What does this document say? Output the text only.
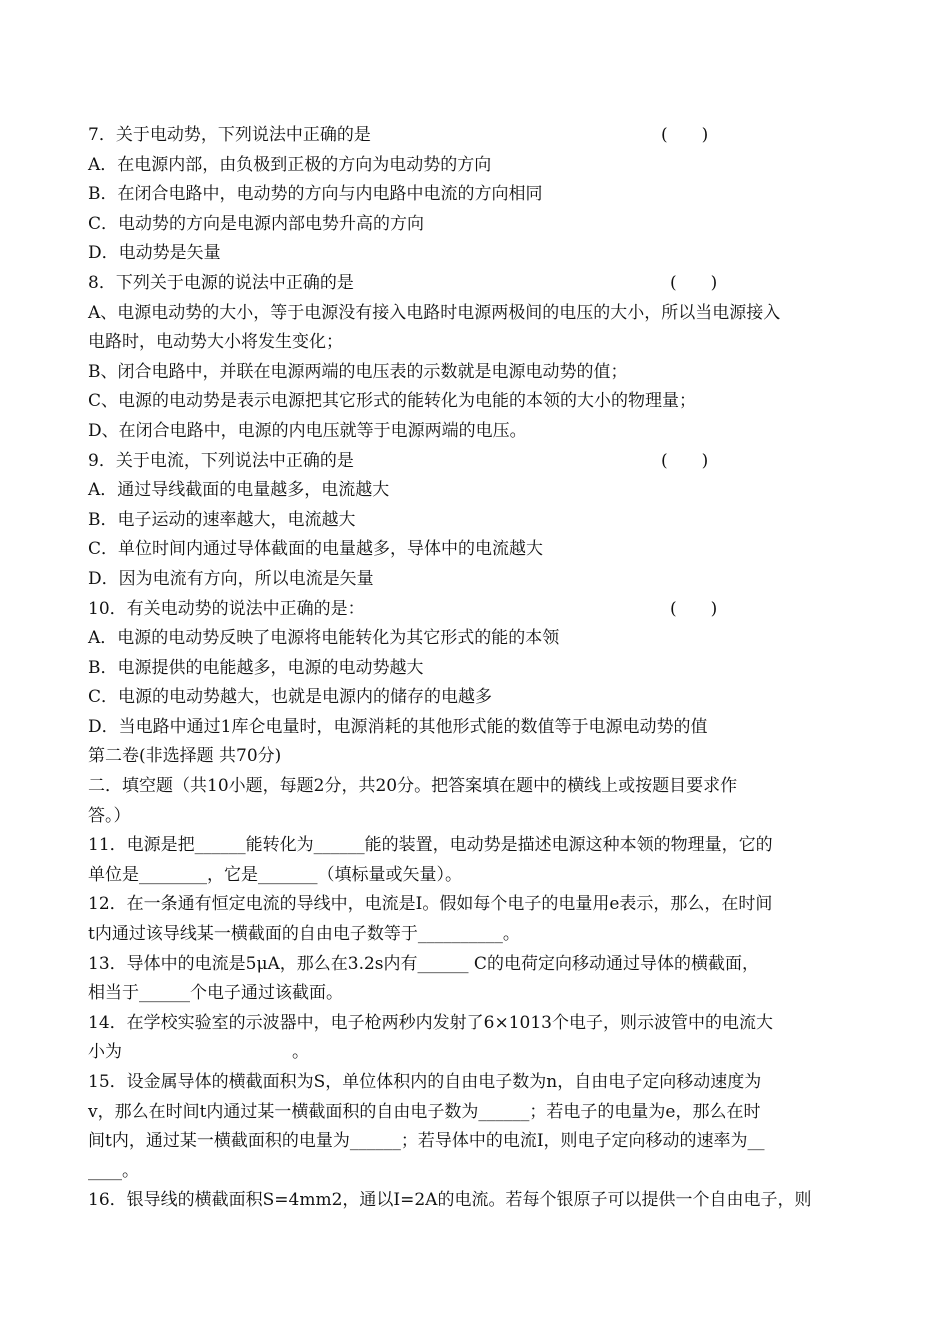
7．关于电动势，下列说法中正确的是	(　　)
A．在电源内部，由负极到正极的方向为电动势的方向
B．在闭合电路中，电动势的方向与内电路中电流的方向相同
C．电动势的方向是电源内部电势升高的方向
D．电动势是矢量
8．下列关于电源的说法中正确的是	(　　)
A、电源电动势的大小，等于电源没有接入电路时电源两极间的电压的大小，所以当电源接入
电路时，电动势大小将发生变化；
B、闭合电路中，并联在电源两端的电压表的示数就是电源电动势的值；
C、电源的电动势是表示电源把其它形式的能转化为电能的本领的大小的物理量；
D、在闭合电路中，电源的内电压就等于电源两端的电压。
9．关于电流，下列说法中正确的是	(　　)
A．通过导线截面的电量越多，电流越大
B．电子运动的速率越大，电流越大
C．单位时间内通过导体截面的电量越多，导体中的电流越大
D．因为电流有方向，所以电流是矢量
10．有关电动势的说法中正确的是：	(　　)
A．电源的电动势反映了电源将电能转化为其它形式的能的本领
B．电源提供的电能越多，电源的电动势越大
C．电源的电动势越大，也就是电源内的储存的电越多
D．当电路中通过1库仑电量时，电源消耗的其他形式能的数值等于电源电动势的值
第二卷(非选择题 共70分)
二．填空题（共10小题，每题2分，共20分。把答案填在题中的横线上或按题目要求作
答。）
11．电源是把______能转化为______能的装置，电动势是描述电源这种本领的物理量，它的
单位是________，它是_______（填标量或矢量）。
12．在一条通有恒定电流的导线中，电流是I。假如每个电子的电量用e表示，那么，在时间
t内通过该导线某一横截面的自由电子数等于__________。
13．导体中的电流是5μA，那么在3.2s内有______ C的电荷定向移动通过导体的横截面，
相当于______个电子通过该截面。
14．在学校实验室的示波器中，电子枪两秒内发射了6×1013个电子，则示波管中的电流大
小为　　　　　　　　　　。
15．设金属导体的横截面积为S，单位体积内的自由电子数为n，自由电子定向移动速度为
v，那么在时间t内通过某一横截面积的自由电子数为______；若电子的电量为e，那么在时
间t内，通过某一横截面积的电量为______；若导体中的电流I，则电子定向移动的速率为__
____。
16．银导线的横截面积S=4mm2，通以I=2A的电流。若每个银原子可以提供一个自由电子，则
